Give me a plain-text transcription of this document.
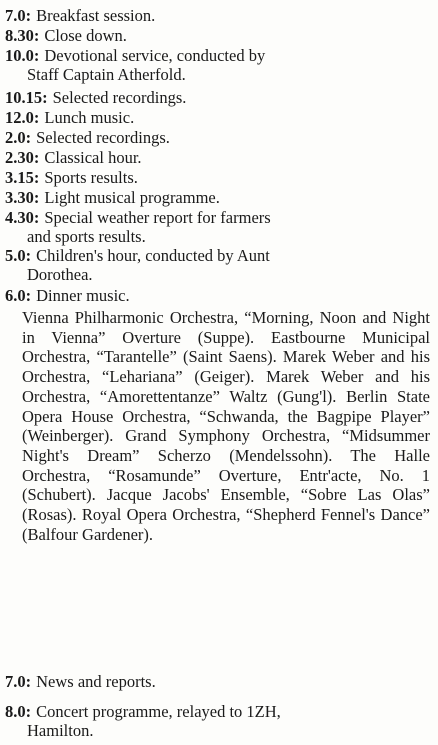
7.0: Breakfast session.
8.30: Close down.
10.0: Devotional service, conducted by
Staff Captain Atherfold.
10.15: Selected recordings.
12.0: Lunch music.
2.0: Selected recordings.
2.30: Classical hour.
3.15: Sports results.
3.30: Light musical programme.
4.30: Special weather report for farmers
and sports results.
5.0: Children's hour, conducted by Aunt
Dorothea.
6.0: Dinner music.
Vienna Philharmonic Orchestra, “Morning, Noon and Night in Vienna” Overture (Suppe). Eastbourne Municipal Orchestra, “Tarantelle” (Saint Saens). Marek Weber and his Orchestra, “Lehariana” (Geiger). Marek Weber and his Orchestra, “Amorettentanze” Waltz (Gung'l). Berlin State Opera House Orchestra, “Schwanda, the Bagpipe Player” (Weinberger). Grand Symphony Orchestra, “Midsummer Night's Dream” Scherzo (Mendelssohn). The Halle Orchestra, “Rosamunde” Overture, Entr'acte, No. 1 (Schubert). Jacque Jacobs' Ensemble, “Sobre Las Olas” (Rosas). Royal Opera Orchestra, “Shepherd Fennel's Dance” (Balfour Gardener).
7.0: News and reports.
8.0: Concert programme, relayed to 1ZH,
Hamilton.
